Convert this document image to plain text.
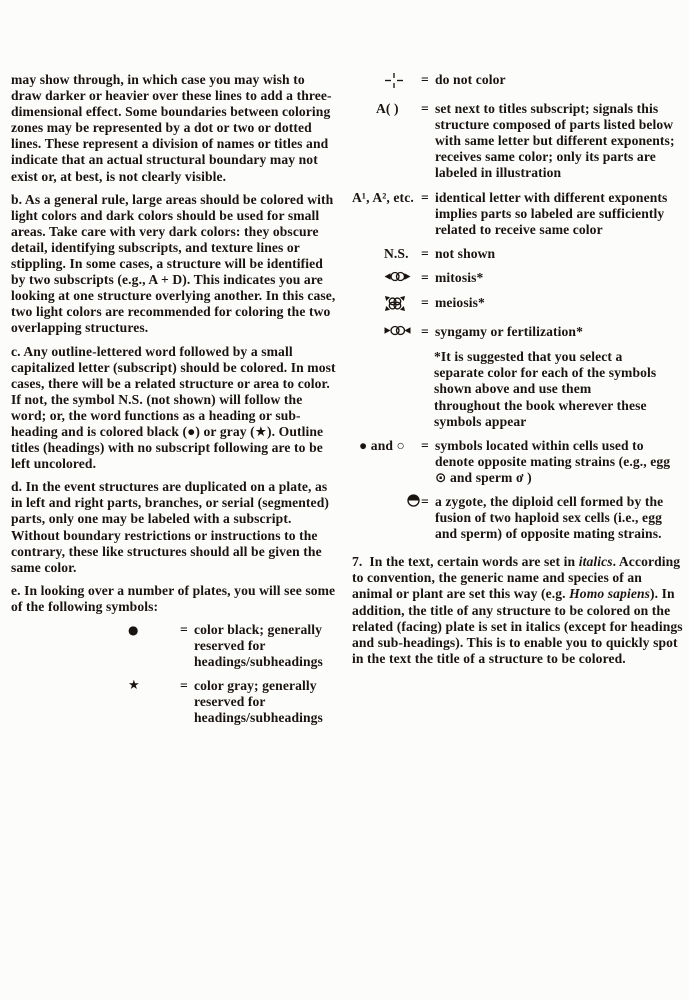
may show through, in which case you may wish to draw darker or heavier over these lines to add a three-dimensional effect. Some boundaries between coloring zones may be represented by a dot or two or dotted lines. These represent a division of names or titles and indicate that an actual structural boundary may not exist or, at best, is not clearly visible.

b. As a general rule, large areas should be colored with light colors and dark colors should be used for small areas. Take care with very dark colors: they obscure detail, identifying subscripts, and texture lines or stippling. In some cases, a structure will be identified by two subscripts (e.g., A + D). This indicates you are looking at one structure overlying another. In this case, two light colors are recommended for coloring the two overlapping structures.

c. Any outline-lettered word followed by a small capitalized letter (subscript) should be colored. In most cases, there will be a related structure or area to color. If not, the symbol N.S. (not shown) will follow the word; or, the word functions as a heading or sub-heading and is colored black (●) or gray (★). Outline titles (headings) with no subscript following are to be left uncolored.

d. In the event structures are duplicated on a plate, as in left and right parts, branches, or serial (segmented) parts, only one may be labeled with a subscript. Without boundary restrictions or instructions to the contrary, these like structures should all be given the same color.

e. In looking over a number of plates, you will see some of the following symbols:

●	= color black; generally reserved for headings/subheadings
★	= color gray; generally reserved for headings/subheadings
= do not color
A( )	= set next to titles subscript; signals this structure composed of parts listed below with same letter but different exponents; receives same color; only its parts are labeled in illustration
A¹, A², etc. = identical letter with different exponents implies parts so labeled are sufficiently related to receive same color
N.S. = not shown
= mitosis*
= meiosis*
= syngamy or fertilization*

*It is suggested that you select a separate color for each of the symbols shown above and use them throughout the book wherever these symbols appear

● and ○	= symbols located within cells used to denote opposite mating strains (e.g., egg ⊙ and sperm ơ )
= a zygote, the diploid cell formed by the fusion of two haploid sex cells (i.e., egg and sperm) of opposite mating strains.

7.  In the text, certain words are set in italics. According to convention, the generic name and species of an animal or plant are set this way (e.g. Homo sapiens). In addition, the title of any structure to be colored on the related (facing) plate is set in italics (except for headings and sub-headings). This is to enable you to quickly spot in the text the title of a structure to be colored.
